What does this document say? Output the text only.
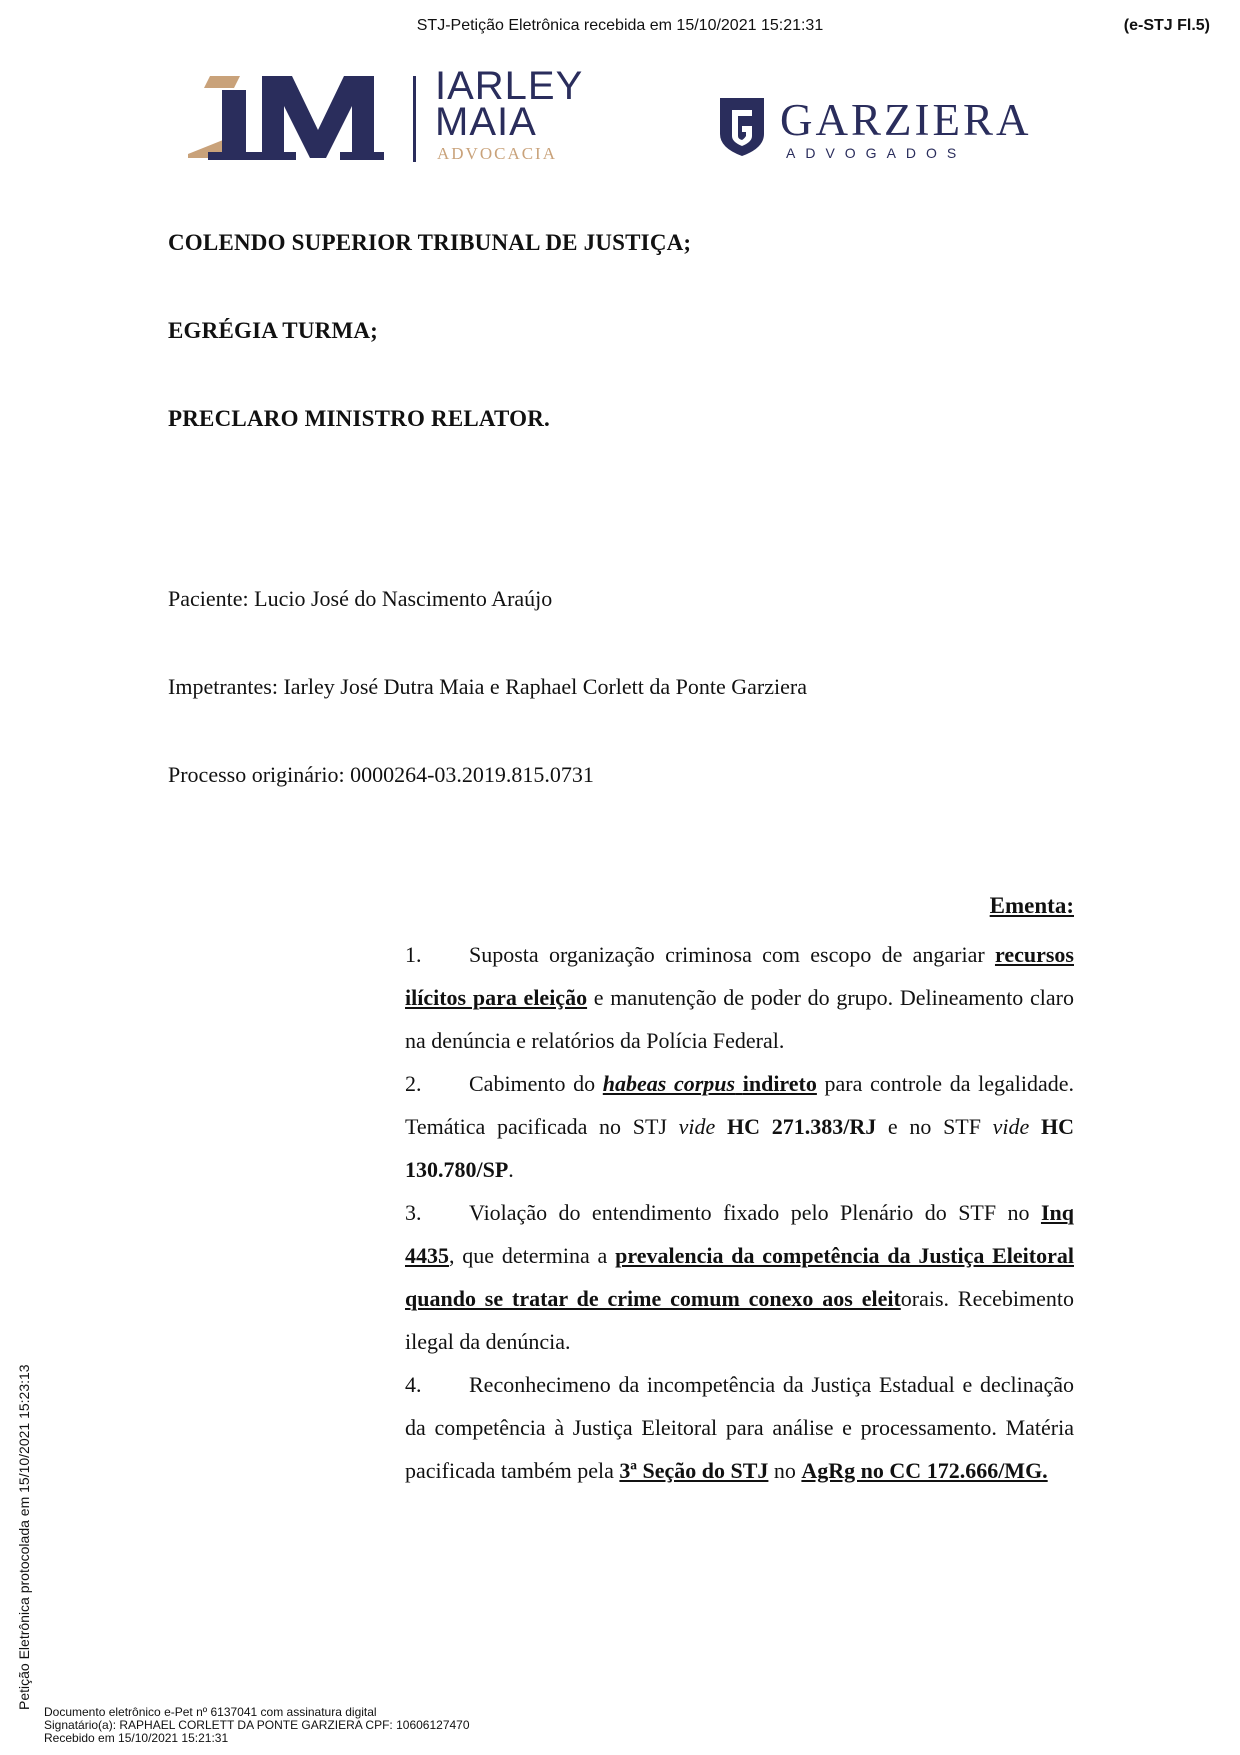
STJ-Petição Eletrônica recebida em 15/10/2021 15:21:31	(e-STJ Fl.5)
IARLEY
MAIA
ADVOCACIA
GARZIERA
ADVOGADOS
COLENDO SUPERIOR TRIBUNAL DE JUSTIÇA;
EGRÉGIA TURMA;
PRECLARO MINISTRO RELATOR.
Paciente: Lucio José do Nascimento Araújo
Impetrantes: Iarley José Dutra Maia e Raphael Corlett da Ponte Garziera
Processo originário: 0000264-03.2019.815.0731
Ementa:

1. Suposta organização criminosa com escopo de angariar recursos ilícitos para eleição e manutenção de poder do grupo. Delineamento claro na denúncia e relatórios da Polícia Federal.

2. Cabimento do habeas corpus indireto para controle da legalidade. Temática pacificada no STJ vide HC 271.383/RJ e no STF vide HC 130.780/SP.

3. Violação do entendimento fixado pelo Plenário do STF no Inq 4435, que determina a prevalencia da competência da Justiça Eleitoral quando se tratar de crime comum conexo aos eleitorais. Recebimento ilegal da denúncia.

4. Reconhecimeno da incompetência da Justiça Estadual e declinação da competência à Justiça Eleitoral para análise e processamento. Matéria pacificada também pela 3ª Seção do STJ no AgRg no CC 172.666/MG.

Petição Eletrônica protocolada em 15/10/2021 15:23:13
Documento eletrônico e-Pet nº 6137041 com assinatura digital
Signatário(a): RAPHAEL CORLETT DA PONTE GARZIERA CPF: 10606127470
Recebido em 15/10/2021 15:21:31
